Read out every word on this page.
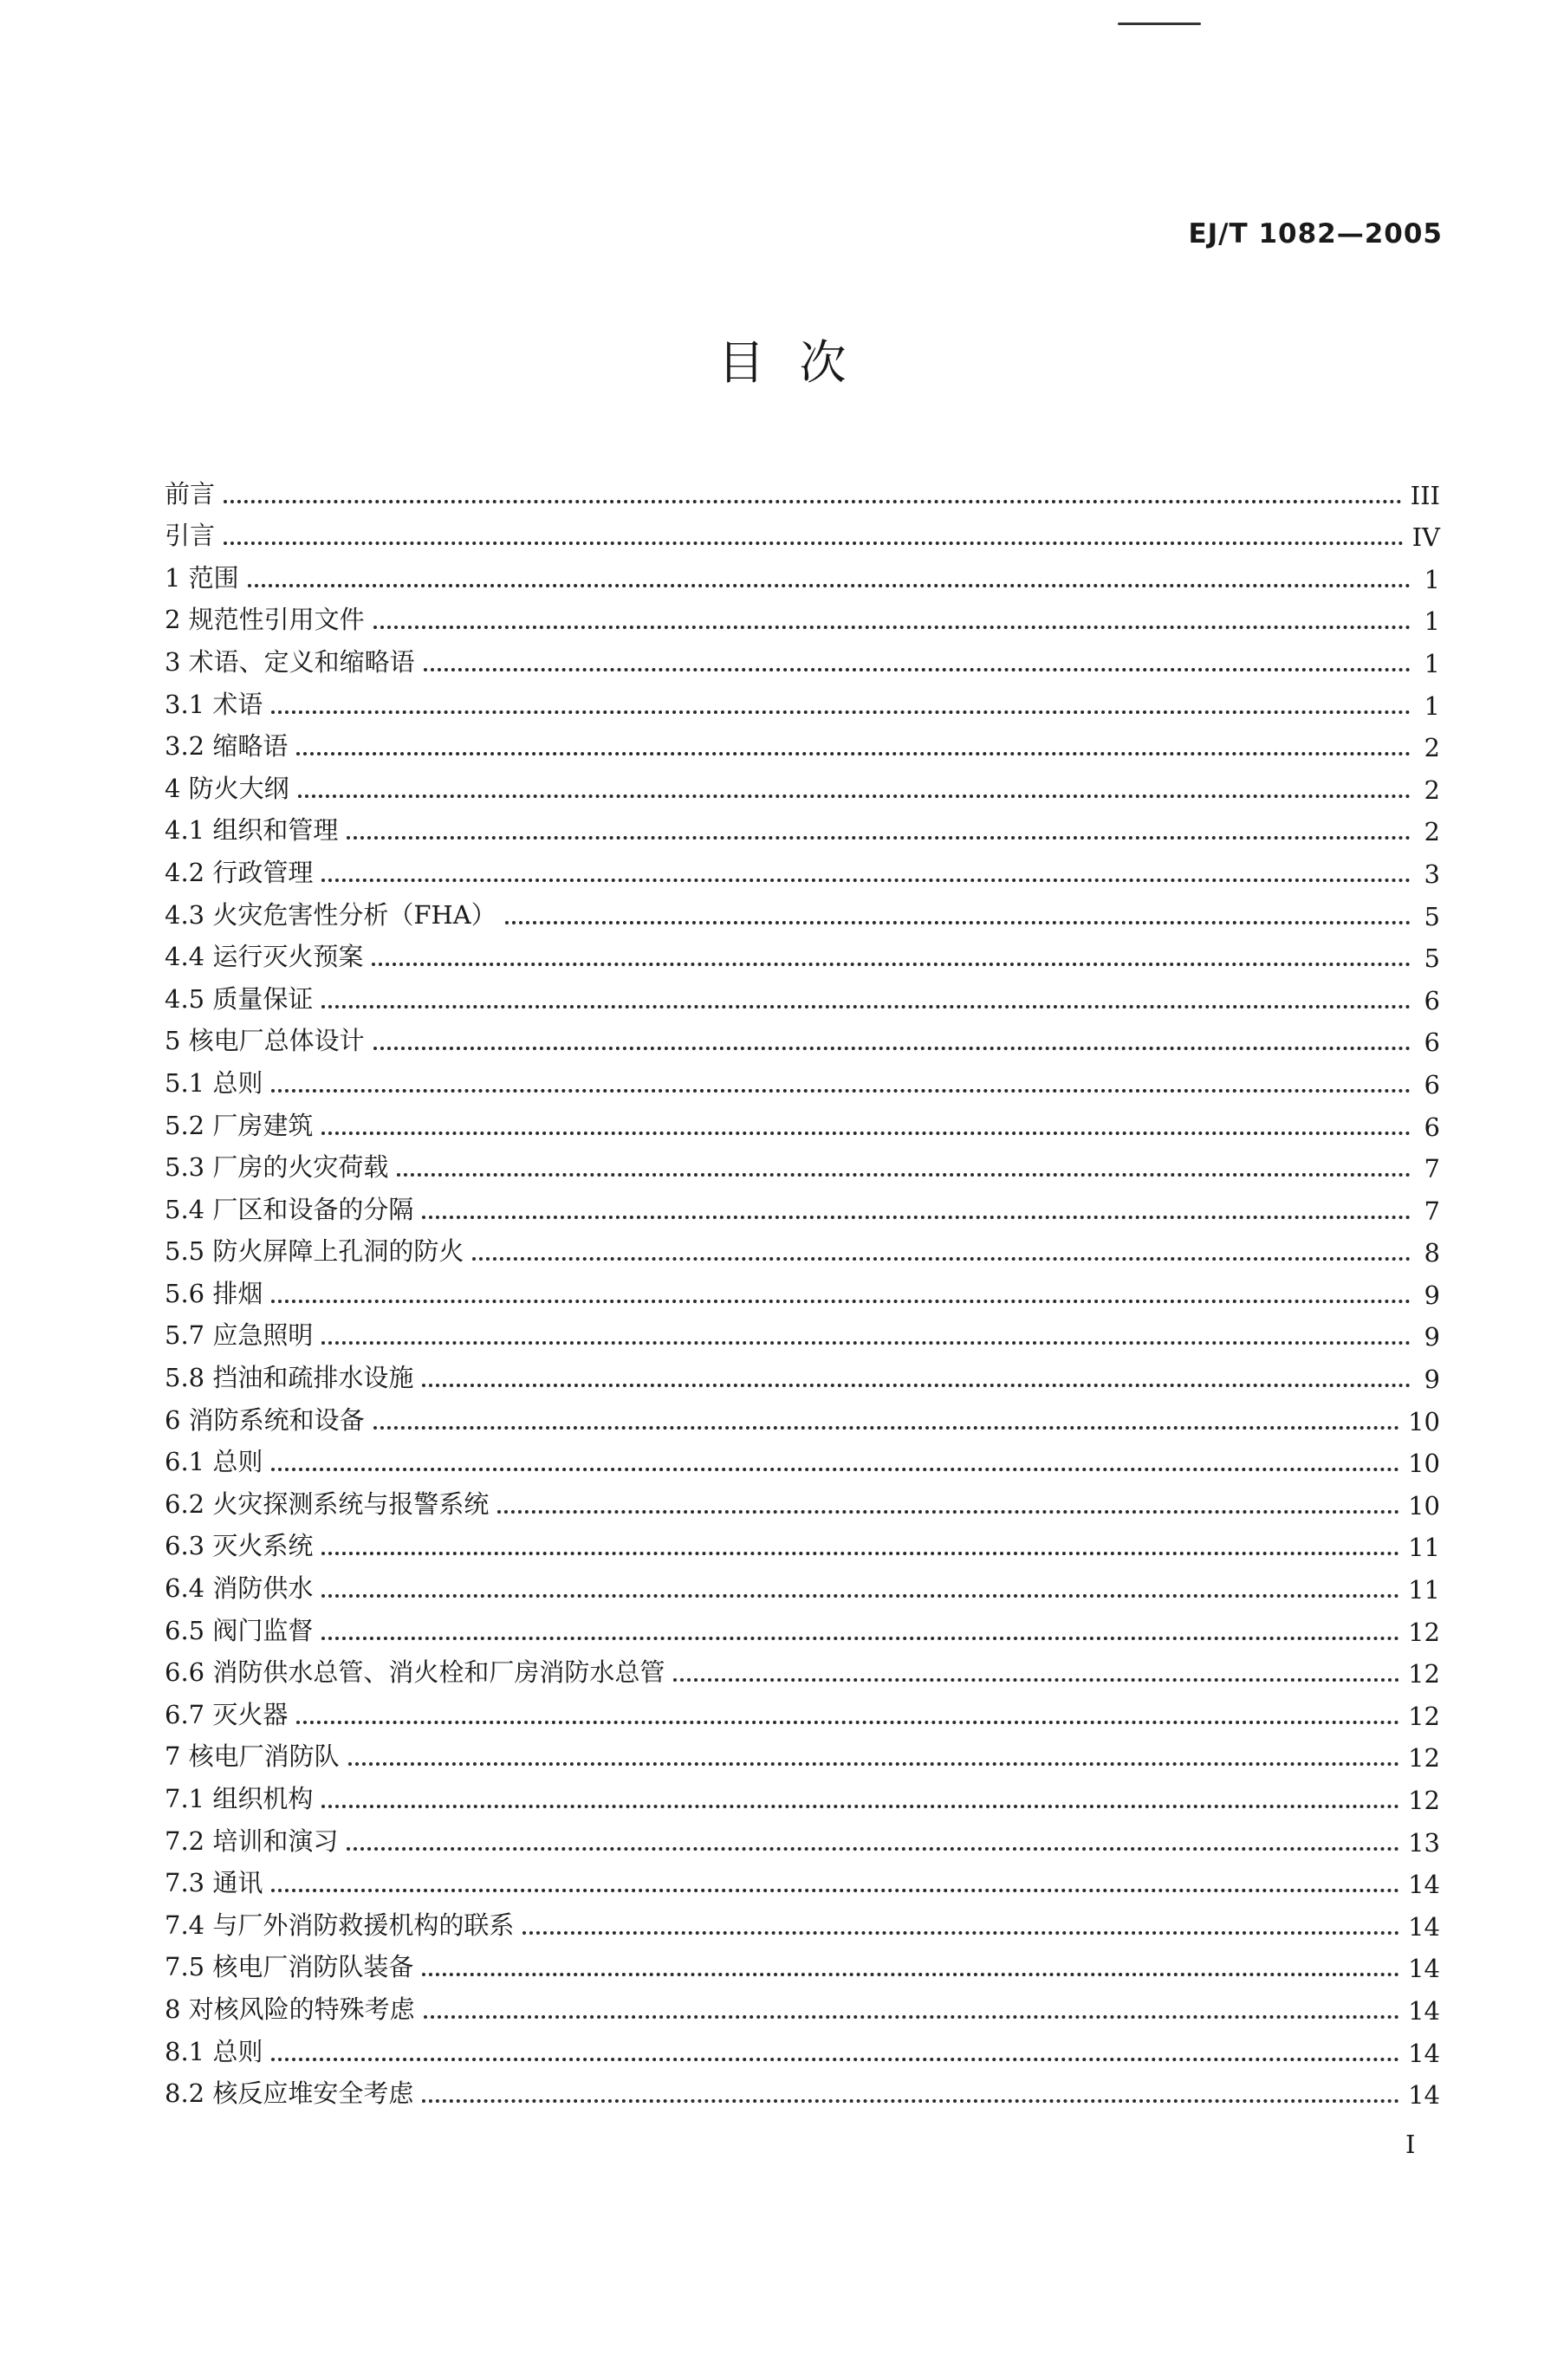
EJ/T 1082—2005
目次
前言	III
引言	IV
1 范围	1
2 规范性引用文件	1
3 术语、定义和缩略语	1
3.1 术语	1
3.2 缩略语	2
4 防火大纲	2
4.1 组织和管理	2
4.2 行政管理	3
4.3 火灾危害性分析（FHA）	5
4.4 运行灭火预案	5
4.5 质量保证	6
5 核电厂总体设计	6
5.1 总则	6
5.2 厂房建筑	6
5.3 厂房的火灾荷载	7
5.4 厂区和设备的分隔	7
5.5 防火屏障上孔洞的防火	8
5.6 排烟	9
5.7 应急照明	9
5.8 挡油和疏排水设施	9
6 消防系统和设备	10
6.1 总则	10
6.2 火灾探测系统与报警系统	10
6.3 灭火系统	11
6.4 消防供水	11
6.5 阀门监督	12
6.6 消防供水总管、消火栓和厂房消防水总管	12
6.7 灭火器	12
7 核电厂消防队	12
7.1 组织机构	12
7.2 培训和演习	13
7.3 通讯	14
7.4 与厂外消防救援机构的联系	14
7.5 核电厂消防队装备	14
8 对核风险的特殊考虑	14
8.1 总则	14
8.2 核反应堆安全考虑	14
I
